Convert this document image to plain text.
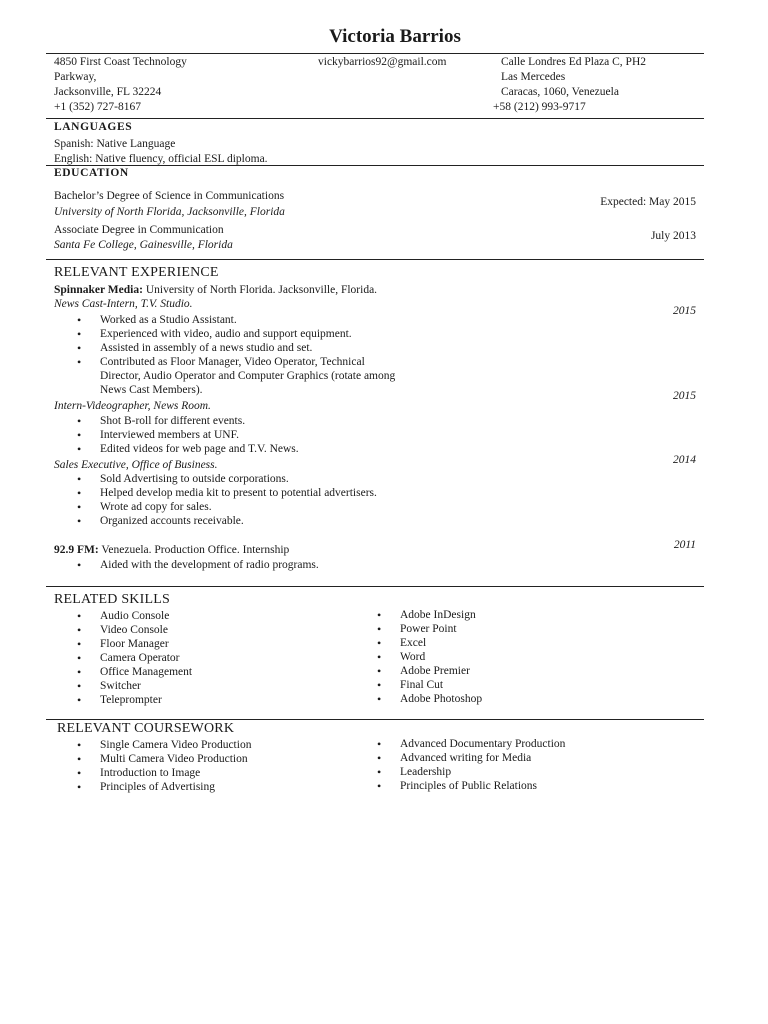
Victoria Barrios
4850 First Coast Technology
Parkway,
Jacksonville, FL 32224
+1 (352) 727-8167
vickybarrios92@gmail.com	Calle Londres Ed Plaza C, PH2
Las Mercedes
Caracas, 1060, Venezuela
+58 (212) 993-9717
LANGUAGES
Spanish: Native Language
English: Native fluency, official ESL diploma.
EDUCATION
Bachelor’s Degree of Science in Communications
University of North Florida, Jacksonville, Florida
Expected: May 2015
Associate Degree in Communication
Santa Fe College, Gainesville, Florida
July 2013
RELEVANT EXPERIENCE
Spinnaker Media: University of North Florida. Jacksonville, Florida.
News Cast-Intern, T.V. Studio.
2015
• Worked as a Studio Assistant.
• Experienced with video, audio and support equipment.
• Assisted in assembly of a news studio and set.
• Contributed as Floor Manager, Video Operator, Technical Director, Audio Operator and Computer Graphics (rotate among News Cast Members).
Intern-Videographer, News Room.
2015
• Shot B-roll for different events.
• Interviewed members at UNF.
• Edited videos for web page and T.V. News.
Sales Executive, Office of Business.	2014
• Sold Advertising to outside corporations.
• Helped develop media kit to present to potential advertisers.
• Wrote ad copy for sales.
• Organized accounts receivable.
92.9 FM: Venezuela. Production Office. Internship	2011
• Aided with the development of radio programs.
RELATED SKILLS
• Audio Console
• Video Console
• Floor Manager
• Camera Operator
• Office Management
• Switcher
• Teleprompter
• Adobe InDesign
• Power Point
• Excel
• Word
• Adobe Premier
• Final Cut
• Adobe Photoshop
RELEVANT COURSEWORK
• Single Camera Video Production
• Multi Camera Video Production
• Introduction to Image
• Principles of Advertising
• Advanced Documentary Production
• Advanced writing for Media
• Leadership
• Principles of Public Relations
